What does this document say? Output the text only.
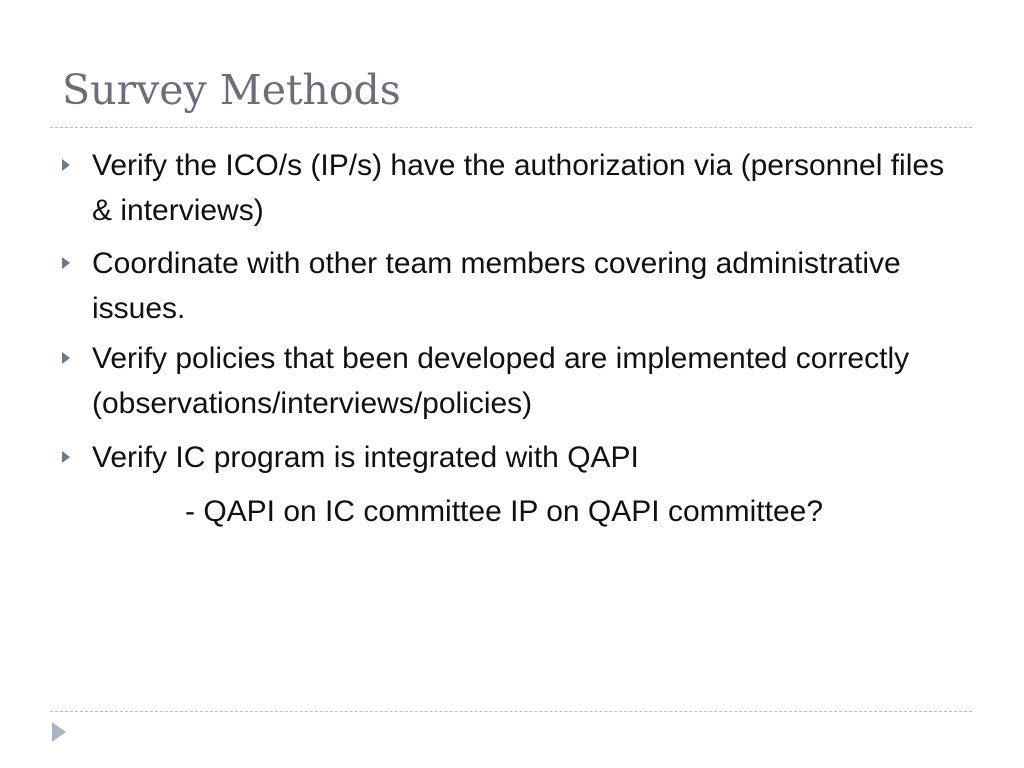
Survey Methods
Verify the ICO/s (IP/s) have the authorization via (personnel files & interviews)
Coordinate with other team members covering administrative issues.
Verify policies that been developed are implemented correctly (observations/interviews/policies)
Verify IC program is integrated with QAPI
- QAPI on IC committee IP on QAPI committee?
